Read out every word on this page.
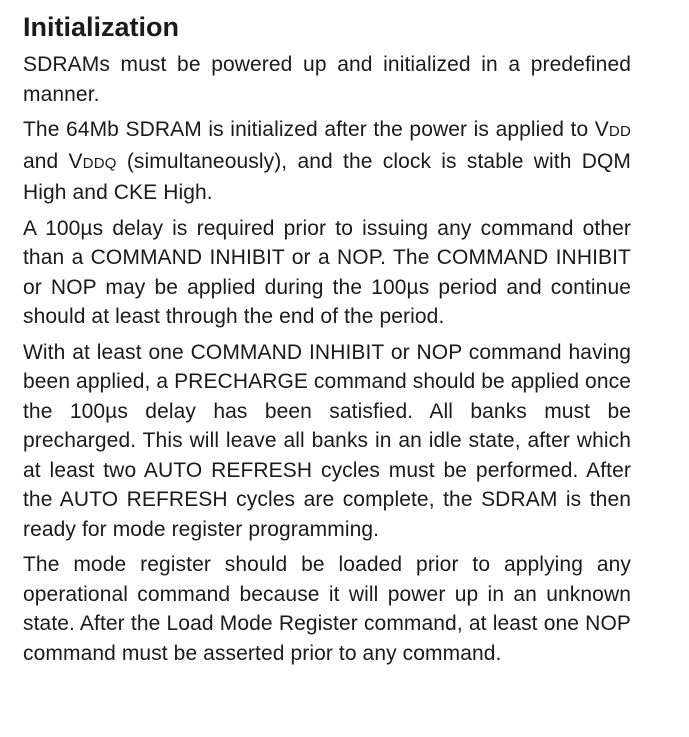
Initialization

SDRAMs must be powered up and initialized in a predefined manner.

The 64Mb SDRAM is initialized after the power is applied to VDD and VDDQ (simultaneously), and the clock is stable with DQM High and CKE High.

A 100µs delay is required prior to issuing any command other than a COMMAND INHIBIT or a NOP. The COMMAND INHIBIT or NOP may be applied during the 100µs period and continue should at least through the end of the period.

With at least one COMMAND INHIBIT or NOP command having been applied, a PRECHARGE command should be applied once the 100µs delay has been satisfied. All banks must be precharged. This will leave all banks in an idle state, after which at least two AUTO REFRESH cycles must be performed. After the AUTO REFRESH cycles are complete, the SDRAM is then ready for mode register programming.

The mode register should be loaded prior to applying any operational command because it will power up in an unknown state. After the Load Mode Register command, at least one NOP command must be asserted prior to any command.
